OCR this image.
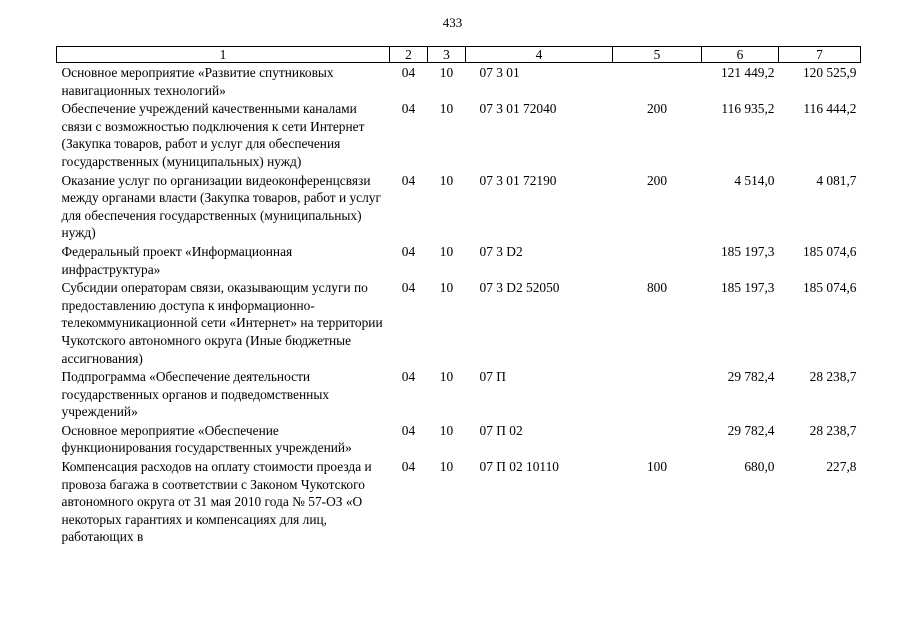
433
1	2	3	4	5	6	7
Основное мероприятие «Развитие спутниковых навигационных технологий»	04	10	07 3 01		121 449,2	120 525,9
Обеспечение учреждений качественными каналами связи с возможностью подключения к сети Интернет (Закупка товаров, работ и услуг для обеспечения государственных (муниципальных) нужд)	04	10	07 3 01 72040	200	116 935,2	116 444,2
Оказание услуг по организации видеоконференцсвязи между органами власти (Закупка товаров, работ и услуг для обеспечения государственных (муниципальных) нужд)	04	10	07 3 01 72190	200	4 514,0	4 081,7
Федеральный проект «Информационная инфраструктура»	04	10	07 3 D2		185 197,3	185 074,6
Субсидии операторам связи, оказывающим услуги по предоставлению доступа к информационно-телекоммуникационной сети «Интернет» на территории Чукотского автономного округа (Иные бюджетные ассигнования)	04	10	07 3 D2 52050	800	185 197,3	185 074,6
Подпрограмма «Обеспечение деятельности государственных органов и подведомственных учреждений»	04	10	07 П		29 782,4	28 238,7
Основное мероприятие «Обеспечение функционирования государственных учреждений»	04	10	07 П 02		29 782,4	28 238,7
Компенсация расходов на оплату стоимости проезда и провоза багажа в соответствии с Законом Чукотского автономного округа от 31 мая 2010 года № 57-ОЗ «О некоторых гарантиях и компенсациях для лиц, работающих в	04	10	07 П 02 10110	100	680,0	227,8
